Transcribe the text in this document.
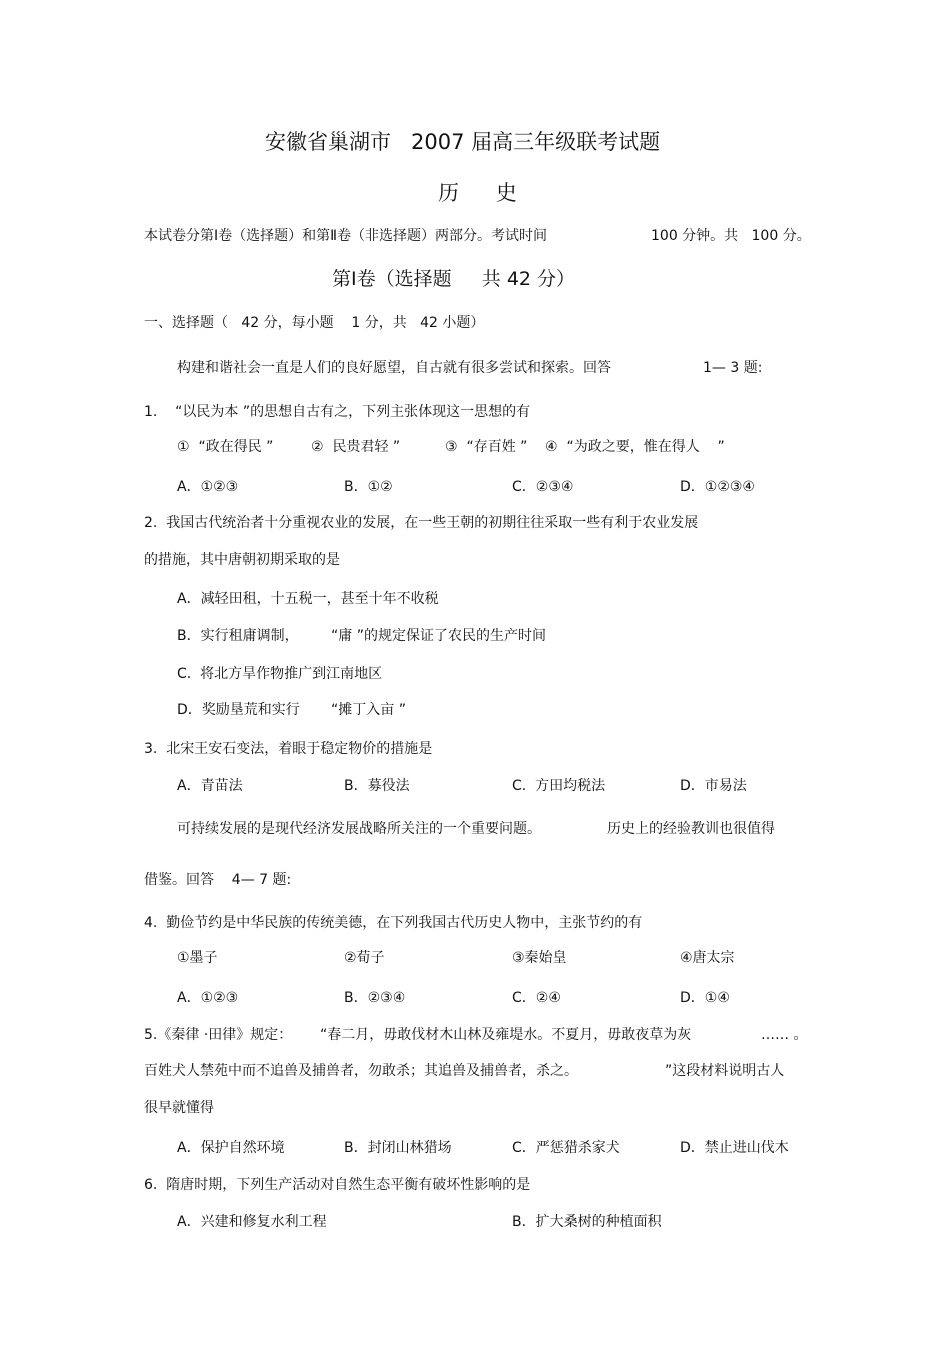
安徽省巢湖市   2007 届高三年级联考试题
历    史
本试卷分第Ⅰ卷（选择题）和第Ⅱ卷（非选择题）两部分。考试时间	100 分钟。共   100 分。
第Ⅰ卷（选择题     共 42 分）
一、选择题（   42 分，每小题    1 分，共   42 小题）
构建和谐社会一直是人们的良好愿望，自古就有很多尝试和探索。回答	1— 3 题:
1.    “以民为本 ”的思想自古有之，下列主张体现这一思想的有
①  “政在得民 ”	②  民贵君轻 ”	③  “存百姓 ” ④  “为政之要，惟在得人    ”
A．①②③	B．①②	C．②③④	D．①②③④
2.  我国古代统治者十分重视农业的发展，在一些王朝的初期往往采取一些有利于农业发展
的措施，其中唐朝初期采取的是
A．减轻田租，十五税一，甚至十年不收税
B．实行租庸调制， “庸 ”的规定保证了农民的生产时间
C.  将北方旱作物推广到江南地区
D．奖励垦荒和实行 “摊丁入亩 ”
3.  北宋王安石变法，着眼于稳定物价的措施是
A．青苗法	B．募役法	C.  方田均税法	D．市易法
可持续发展的是现代经济发展战略所关注的一个重要问题。	历史上的经验教训也很值得
借鉴。回答    4— 7 题:
4.  勤俭节约是中华民族的传统美德，在下列我国古代历史人物中，主张节约的有
①墨子	②荀子	③秦始皇	④唐太宗
A．①②③	B．②③④	C．②④	D．①④
5.《秦律 ·田律》规定： “春二月，毋敢伐材木山林及雍堤水。不夏月，毋敢夜草为灰	…… 。
百姓犬人禁苑中而不追兽及捕兽者，勿敢杀；其追兽及捕兽者，杀之。	”这段材料说明古人
很早就懂得
A．保护自然环境	B．封闭山林猎场	C．严惩猎杀家犬	D．禁止进山伐木
6.  隋唐时期，下列生产活动对自然生态平衡有破坏性影响的是
A．兴建和修复水利工程	B．扩大桑树的种植面积
